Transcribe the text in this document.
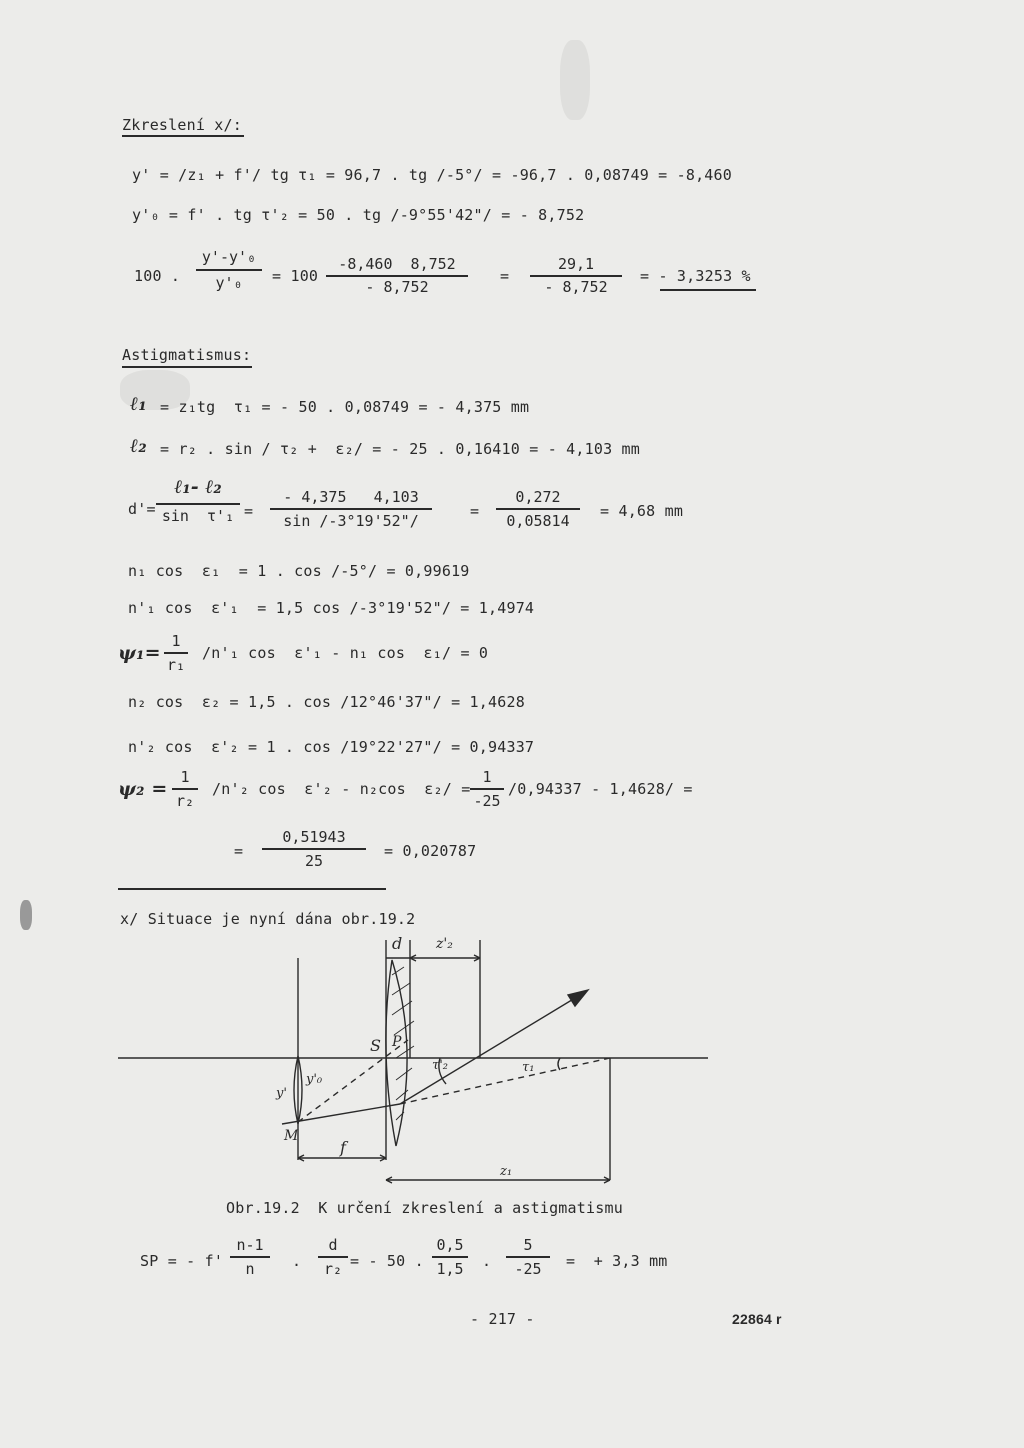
Zkreslení x/:
y' = /z₁ + f'/ tg τ₁ = 96,7 . tg /-5°/ = -96,7 . 0,08749 = -8,460
y'₀ = f' . tg τ'₂ = 50 . tg /-9°55'42"/ = - 8,752
100 .
y'-y'₀
y'₀	= 100
-8,460  8,752
- 8,752
=
29,1
- 8,752
= - 3,3253 %
Astigmatismus:
ℓ₁ = z₁tg  τ₁ = - 50 . 0,08749 = - 4,375 mm
ℓ₂ = r₂ . sin / τ₂ +  ε₂/ = - 25 . 0,16410 = - 4,103 mm
d'=
ℓ₁- ℓ₂
sin  τ'₁ =
- 4,375   4,103
sin /-3°19'52"/
=
0,272
0,05814
= 4,68 mm
n₁ cos  ε₁  = 1 . cos /-5°/ = 0,99619
n'₁ cos  ε'₁  = 1,5 cos /-3°19'52"/ = 1,4974
ψ₁=
1
r₁
/n'₁ cos  ε'₁ - n₁ cos  ε₁/ = 0
n₂ cos  ε₂ = 1,5 . cos /12°46'37"/ = 1,4628
n'₂ cos  ε'₂ = 1 . cos /19°22'27"/ = 0,94337
ψ₂ =
1
r₂
/n'₂ cos  ε'₂ - n₂cos  ε₂/ =
1
-25
/0,94337 - 1,4628/ =
=
0,51943
25
= 0,020787
x/ Situace je nyní dána obr.19.2
d z'₂
S P
τ'₂	τ₁
y'₀
y'
M
f
z₁
Obr.19.2  K určení zkreslení a astigmatismu
SP = - f'
n-1
n	.
d
r₂ = - 50 .
0,5
1,5 .
5
-25	=  + 3,3 mm
- 217 -	22864 r
